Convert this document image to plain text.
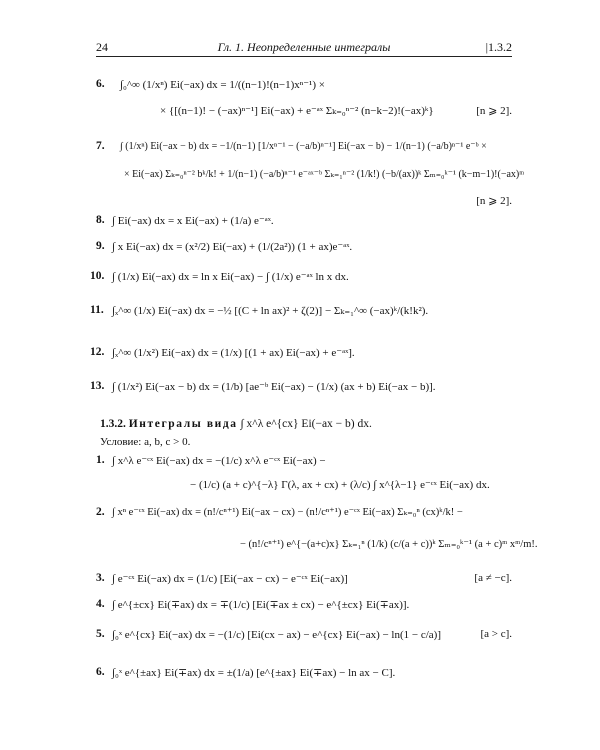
24	Гл. 1. Неопределенные интегралы	|1.3.2
6. ∫₀^∞ (1/xⁿ) Ei(−ax) dx = 1/((n−1)!(n−1)xⁿ⁻¹) ×
× {[(n−1)! − (−ax)ⁿ⁻¹] Ei(−ax) + e⁻ᵃˣ Σₖ₌₀ⁿ⁻² (n−k−2)!(−ax)ᵏ}	[n ⩾ 2].
7. ∫ (1/xⁿ) Ei(−ax − b) dx = −1/(n−1) [1/xⁿ⁻¹ − (−a/b)ⁿ⁻¹] Ei(−ax − b) − 1/(n−1) (−a/b)ⁿ⁻¹ e⁻ᵇ ×
× Ei(−ax) Σₖ₌₀ⁿ⁻² bᵏ/k! + 1/(n−1) (−a/b)ⁿ⁻¹ e⁻ᵃˣ⁻ᵇ Σₖ₌₁ⁿ⁻² (1/k!) (−b/(ax))ᵏ Σₘ₌₀ᵏ⁻¹ (k−m−1)!(−ax)ᵐ
[n ⩾ 2].
8. ∫ Ei(−ax) dx = x Ei(−ax) + (1/a) e⁻ᵃˣ.
9. ∫ x Ei(−ax) dx = (x²/2) Ei(−ax) + (1/(2a²)) (1 + ax)e⁻ᵃˣ.
10. ∫ (1/x) Ei(−ax) dx = ln x Ei(−ax) − ∫ (1/x) e⁻ᵃˣ ln x dx.
11. ∫ₓ^∞ (1/x) Ei(−ax) dx = −½ [(C + ln ax)² + ζ(2)] − Σₖ₌₁^∞ (−ax)ᵏ/(k!k²).
12. ∫ₓ^∞ (1/x²) Ei(−ax) dx = (1/x) [(1 + ax) Ei(−ax) + e⁻ᵃˣ].
13. ∫ (1/x²) Ei(−ax − b) dx = (1/b) [ae⁻ᵇ Ei(−ax) − (1/x) (ax + b) Ei(−ax − b)].
1.3.2. Интегралы вида ∫ x^λ e^{cx} Ei(−ax − b) dx.
Условие: a, b, c > 0.
1. ∫ x^λ e⁻ᶜˣ Ei(−ax) dx = −(1/c) x^λ e⁻ᶜˣ Ei(−ax) −
− (1/c) (a + c)^{−λ} Γ(λ, ax + cx) + (λ/c) ∫ x^{λ−1} e⁻ᶜˣ Ei(−ax) dx.
2. ∫ xⁿ e⁻ᶜˣ Ei(−ax) dx = (n!/cⁿ⁺¹) Ei(−ax − cx) − (n!/cⁿ⁺¹) e⁻ᶜˣ Ei(−ax) Σₖ₌₀ⁿ (cx)ᵏ/k! −
− (n!/cⁿ⁺¹) e^{−(a+c)x} Σₖ₌₁ⁿ (1/k) (c/(a + c))ᵏ Σₘ₌₀ᵏ⁻¹ (a + c)ᵐ xᵐ/m!.
3. ∫ e⁻ᶜˣ Ei(−ax) dx = (1/c) [Ei(−ax − cx) − e⁻ᶜˣ Ei(−ax)]	[a ≠ −c].
4. ∫ e^{±cx} Ei(∓ax) dx = ∓(1/c) [Ei(∓ax ± cx) − e^{±cx} Ei(∓ax)].
5. ∫₀ˣ e^{cx} Ei(−ax) dx = −(1/c) [Ei(cx − ax) − e^{cx} Ei(−ax) − ln(1 − c/a)]	[a > c].
6. ∫₀ˣ e^{±ax} Ei(∓ax) dx = ±(1/a) [e^{±ax} Ei(∓ax) − ln ax − C].
